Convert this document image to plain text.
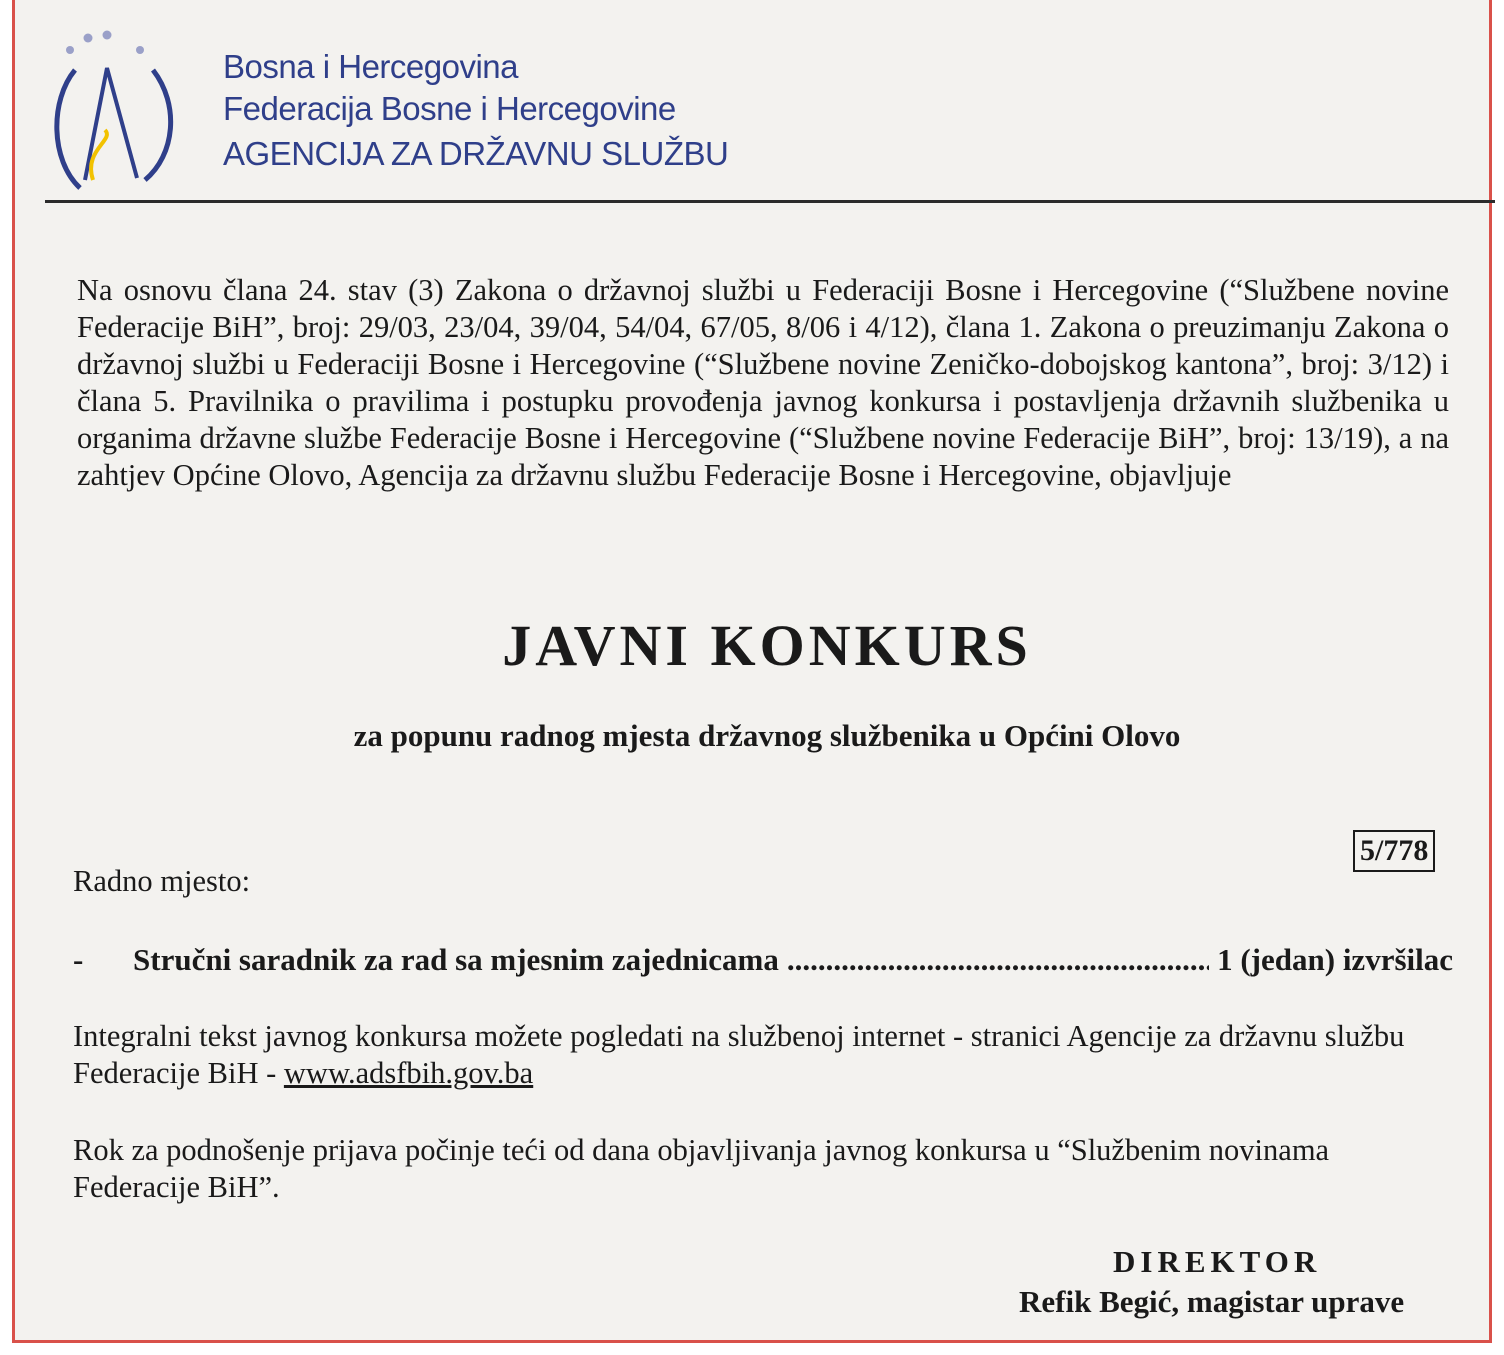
Bosna i Hercegovina
Federacija Bosne i Hercegovine
AGENCIJA ZA DRŽAVNU SLUŽBU
Na osnovu člana 24. stav (3) Zakona o državnoj službi u Federaciji Bosne i Hercegovine (“Službene novine Federacije BiH”, broj: 29/03, 23/04, 39/04, 54/04, 67/05, 8/06 i 4/12), člana 1. Zakona o preuzimanju Zakona o državnoj službi u Federaciji Bosne i Hercegovine (“Službene novine Zeničko-dobojskog kantona”, broj: 3/12) i člana 5. Pravilnika o pravilima i postupku provođenja javnog konkursa i postavljenja državnih službenika u organima državne službe Federacije Bosne i Hercegovine (“Službene novine Federacije BiH”, broj: 13/19), a na zahtjev Općine Olovo, Agencija za državnu službu Federacije Bosne i Hercegovine, objavljuje
JAVNI KONKURS
za popunu radnog mjesta državnog službenika u Općini Olovo
5/778
Radno mjesto:
-	Stručni saradnik za rad sa mjesnim zajednicama
.....	1 (jedan) izvršilac
Integralni tekst javnog konkursa možete pogledati na službenoj internet - stranici Agencije za državnu službu Federacije BiH - www.adsfbih.gov.ba
Rok za podnošenje prijava počinje teći od dana objavljivanja javnog konkursa u “Službenim novinama Federacije BiH”.
DIREKTOR
Refik Begić, magistar uprave
